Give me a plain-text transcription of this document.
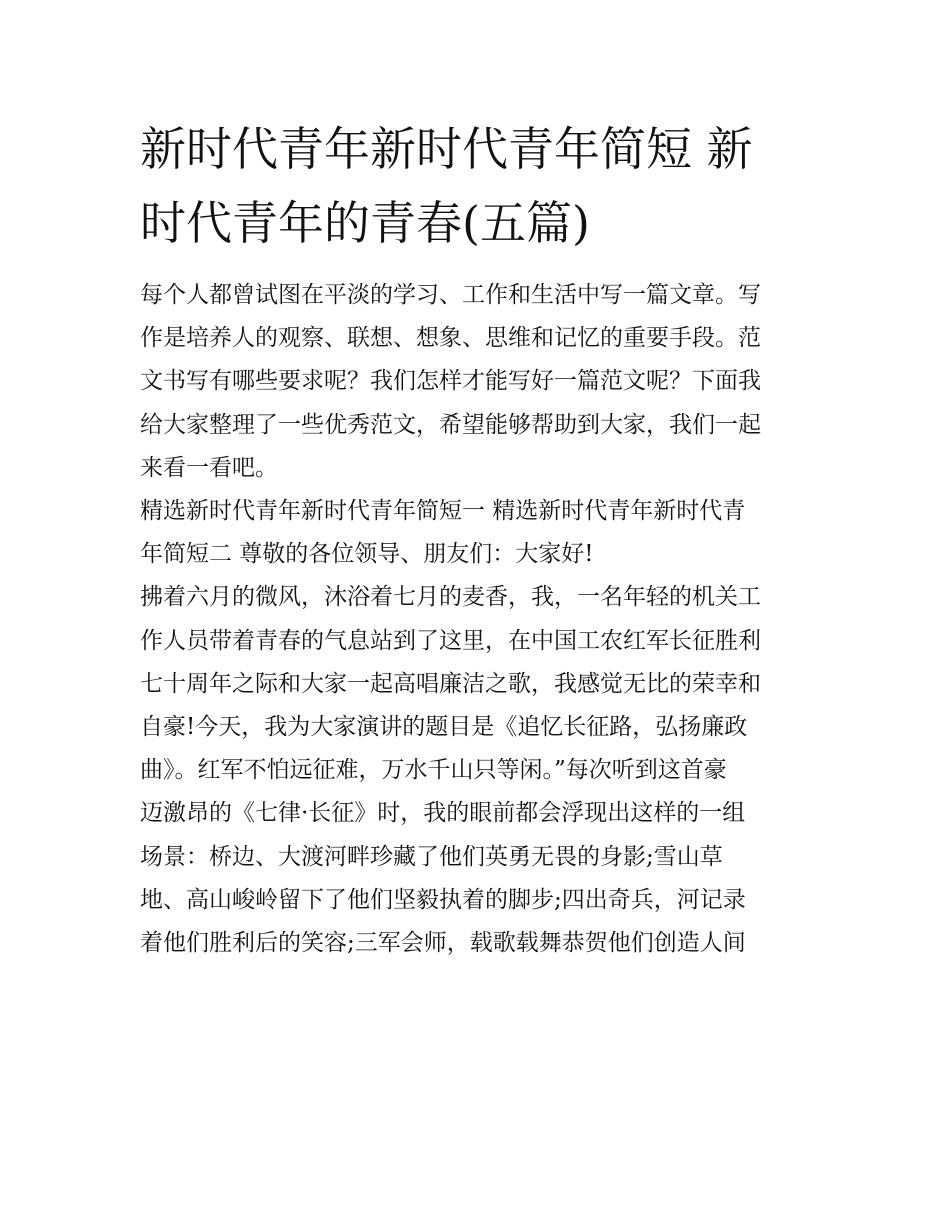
新时代青年新时代青年简短 新
时代青年的青春(五篇)

每个人都曾试图在平淡的学习、工作和生活中写一篇文章。写
作是培养人的观察、联想、想象、思维和记忆的重要手段。范
文书写有哪些要求呢？我们怎样才能写好一篇范文呢？下面我
给大家整理了一些优秀范文，希望能够帮助到大家，我们一起
来看一看吧。

精选新时代青年新时代青年简短一 精选新时代青年新时代青
年简短二 尊敬的各位领导、朋友们：大家好!

拂着六月的微风，沐浴着七月的麦香，我，一名年轻的机关工
作人员带着青春的气息站到了这里，在中国工农红军长征胜利
七十周年之际和大家一起高唱廉洁之歌，我感觉无比的荣幸和
自豪!今天，我为大家演讲的题目是《追忆长征路，弘扬廉政
曲》。红军不怕远征难，万水千山只等闲。”每次听到这首豪
迈激昂的《七律·长征》时，我的眼前都会浮现出这样的一组
场景：桥边、大渡河畔珍藏了他们英勇无畏的身影;雪山草
地、高山峻岭留下了他们坚毅执着的脚步;四出奇兵，河记录
着他们胜利后的笑容;三军会师，载歌载舞恭贺他们创造人间
